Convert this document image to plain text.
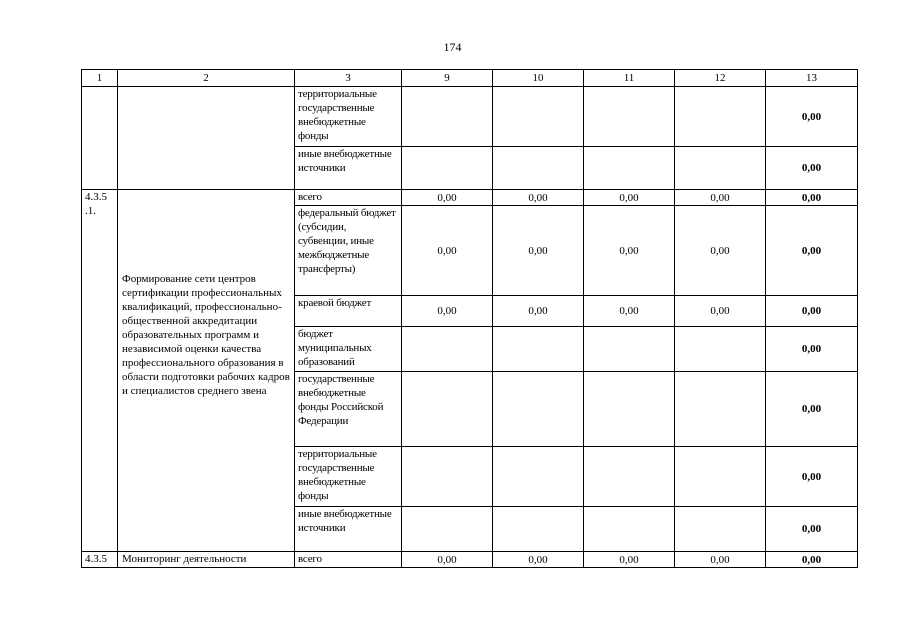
174
1	2	3	9	10	11	12	13
		территориальные государственные внебюджетные фонды					0,00
		иные внебюджетные источники					0,00
4.3.5 .1.	Формирование сети центров сертификации профессиональных квалификаций, профессионально-общественной аккредитации образовательных программ и независимой оценки качества профессионального образования в области подготовки рабочих кадров и специалистов среднего звена	всего	0,00	0,00	0,00	0,00	0,00
		федеральный бюджет (субсидии, субвенции, иные межбюджетные трансферты)	0,00	0,00	0,00	0,00	0,00
		краевой бюджет	0,00	0,00	0,00	0,00	0,00
		бюджет муниципальных образований					0,00
		государственные внебюджетные фонды Российской Федерации					0,00
		территориальные государственные внебюджетные фонды					0,00
		иные внебюджетные источники					0,00
4.3.5	Мониторинг деятельности	всего	0,00	0,00	0,00	0,00	0,00
